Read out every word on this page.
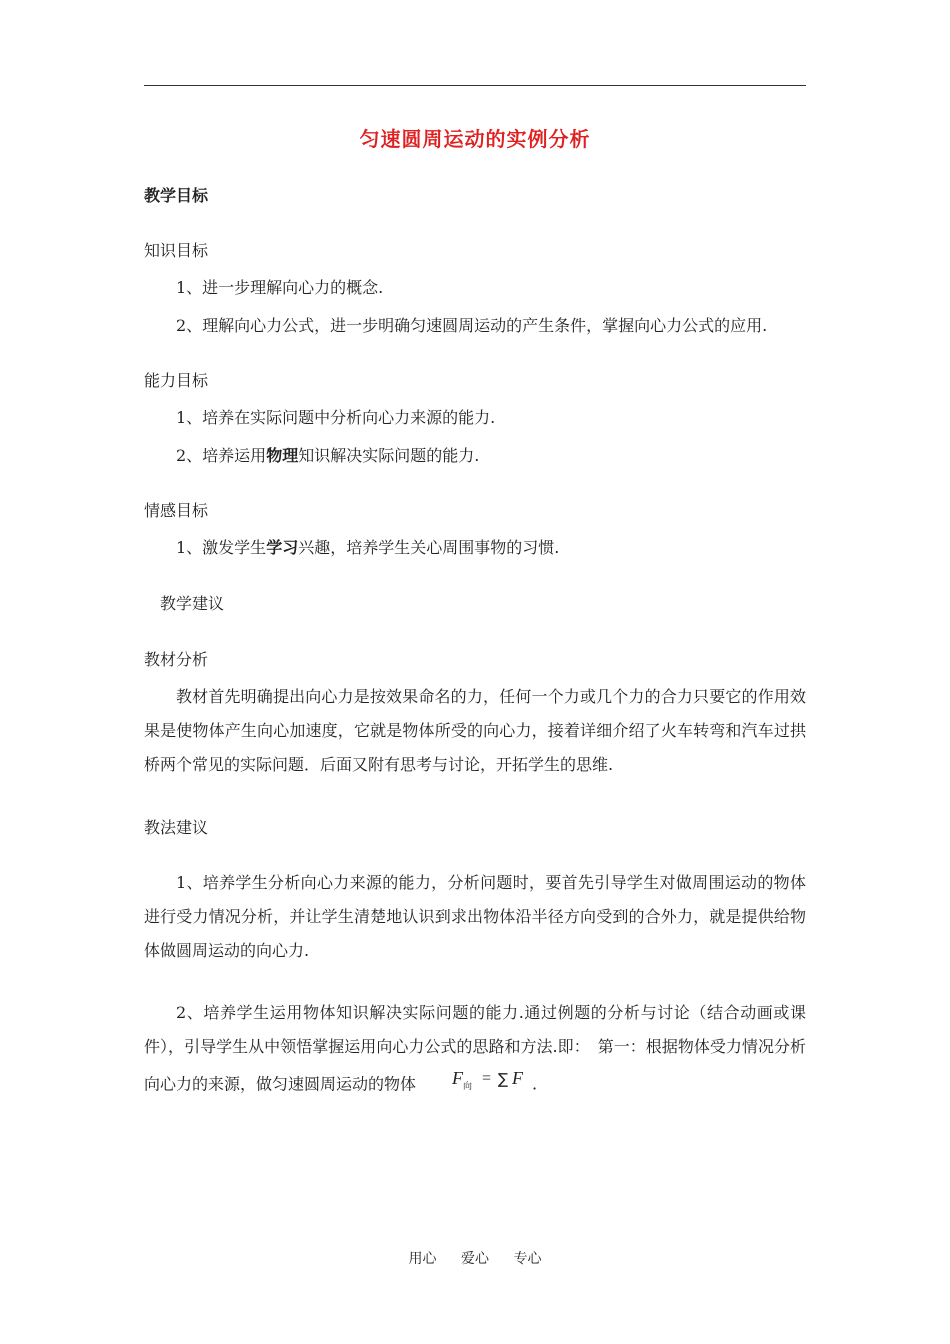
匀速圆周运动的实例分析
教学目标
知识目标
1、进一步理解向心力的概念.
2、理解向心力公式，进一步明确匀速圆周运动的产生条件，掌握向心力公式的应用.
能力目标
1、培养在实际问题中分析向心力来源的能力.
2、培养运用物理知识解决实际问题的能力.
情感目标
1、激发学生学习兴趣，培养学生关心周围事物的习惯.
教学建议
教材分析

教材首先明确提出向心力是按效果命名的力，任何一个力或几个力的合力只要它的作用效果是使物体产生向心加速度，它就是物体所受的向心力，接着详细介绍了火车转弯和汽车过拱桥两个常见的实际问题．后面又附有思考与讨论，开拓学生的思维.

教法建议

1、培养学生分析向心力来源的能力，分析问题时，要首先引导学生对做周围运动的物体进行受力情况分析，并让学生清楚地认识到求出物体沿半径方向受到的合外力，就是提供给物体做圆周运动的向心力.

2、培养学生运用物体知识解决实际问题的能力.通过例题的分析与讨论（结合动画或课件），引导学生从中领悟掌握运用向心力公式的思路和方法.即：　第一：根据物体受力情况分析向心力的来源，做匀速圆周运动的物体 F 向 = ∑ F .

用心 爱心 专心
